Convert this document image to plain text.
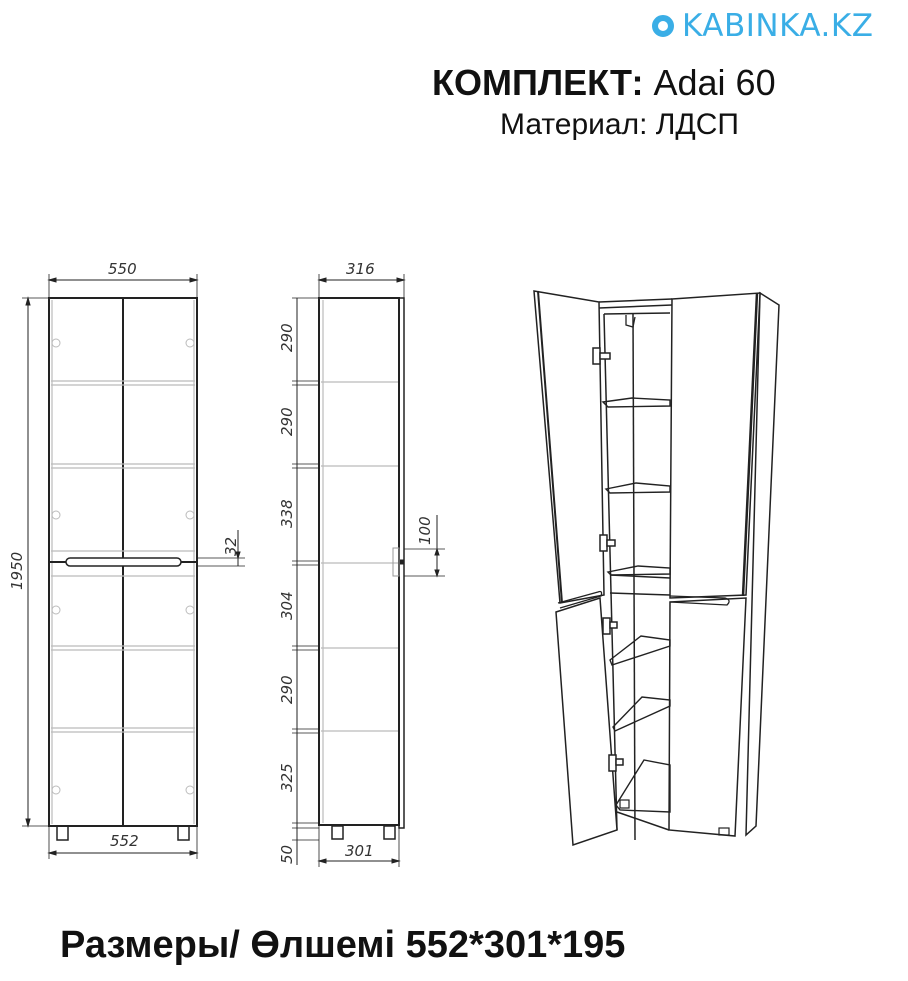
KABINKA.KZ
КОМПЛЕКТ: Adai 60
Материал: ЛДСП
550
1950
32
552
316
290
290
338
304
290
325
50
100
301
Размеры/ Өлшемі 552*301*195
